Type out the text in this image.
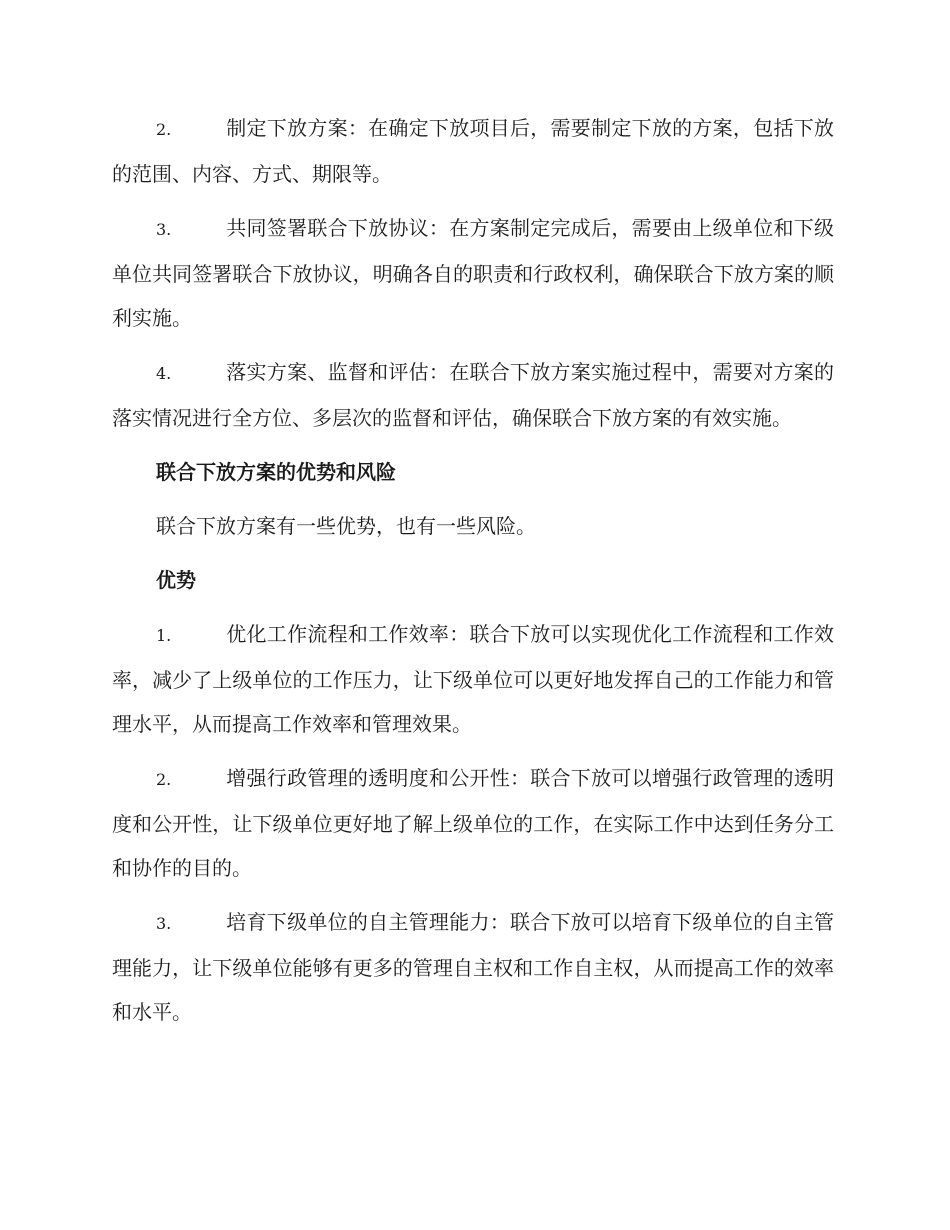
2.	制定下放方案：在确定下放项目后，需要制定下放的方案，包括下放的范围、内容、方式、期限等。

3.	共同签署联合下放协议：在方案制定完成后，需要由上级单位和下级单位共同签署联合下放协议，明确各自的职责和行政权利，确保联合下放方案的顺利实施。

4.	落实方案、监督和评估：在联合下放方案实施过程中，需要对方案的落实情况进行全方位、多层次的监督和评估，确保联合下放方案的有效实施。

联合下放方案的优势和风险

联合下放方案有一些优势，也有一些风险。

优势

1.	优化工作流程和工作效率：联合下放可以实现优化工作流程和工作效率，减少了上级单位的工作压力，让下级单位可以更好地发挥自己的工作能力和管理水平，从而提高工作效率和管理效果。

2.	增强行政管理的透明度和公开性：联合下放可以增强行政管理的透明度和公开性，让下级单位更好地了解上级单位的工作，在实际工作中达到任务分工和协作的目的。

3.	培育下级单位的自主管理能力：联合下放可以培育下级单位的自主管理能力，让下级单位能够有更多的管理自主权和工作自主权，从而提高工作的效率和水平。
